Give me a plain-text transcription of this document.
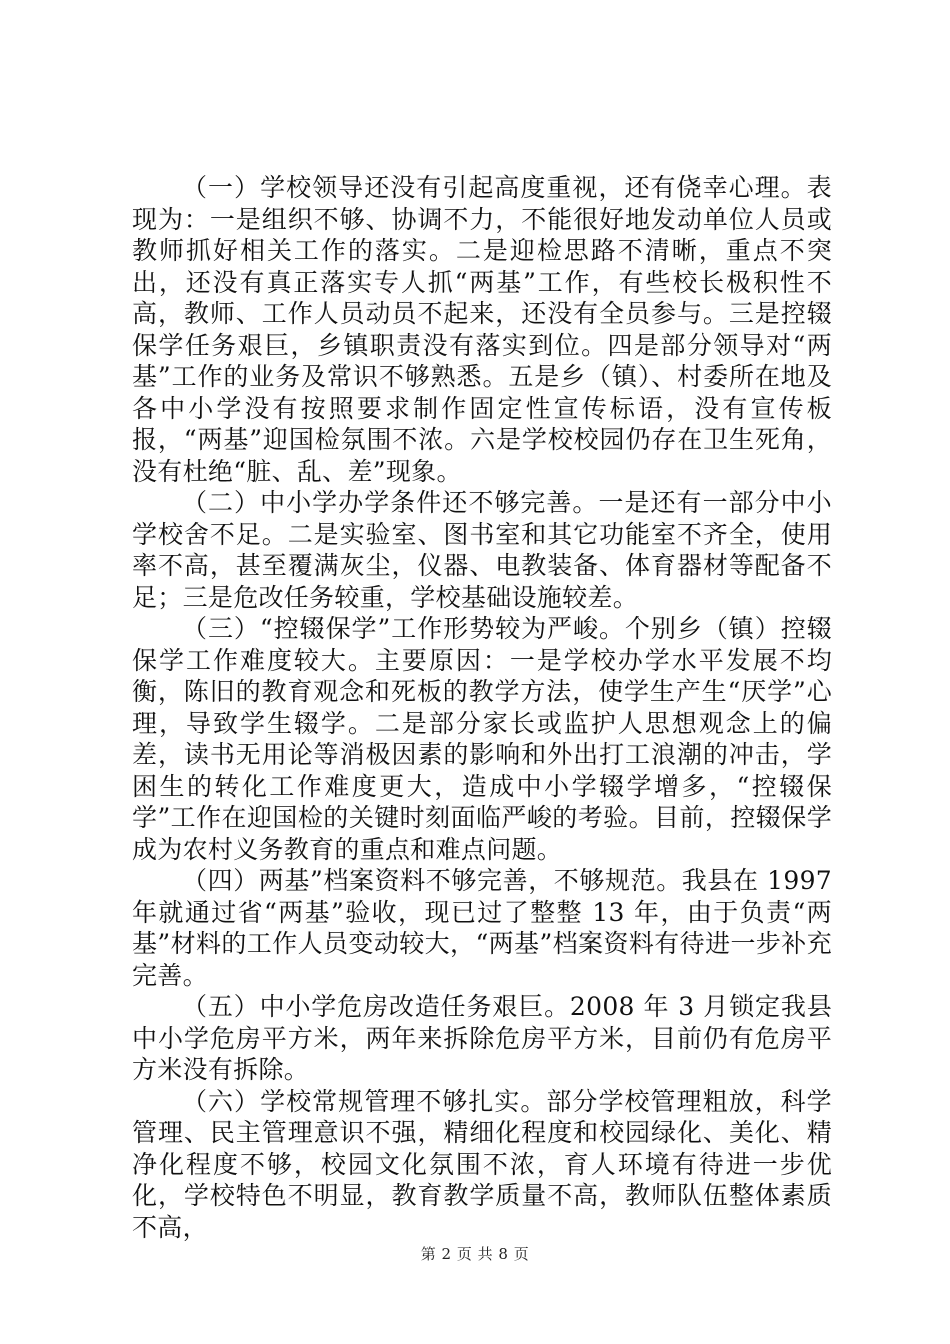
（一）学校领导还没有引起高度重视，还有侥幸心理。表现为：一是组织不够、协调不力，不能很好地发动单位人员或教师抓好相关工作的落实。二是迎检思路不清晰，重点不突出，还没有真正落实专人抓“两基”工作，有些校长极积性不高，教师、工作人员动员不起来，还没有全员参与。三是控辍保学任务艰巨，乡镇职责没有落实到位。四是部分领导对“两基”工作的业务及常识不够熟悉。五是乡（镇）、村委所在地及各中小学没有按照要求制作固定性宣传标语，没有宣传板报，“两基”迎国检氛围不浓。六是学校校园仍存在卫生死角，没有杜绝“脏、乱、差”现象。

（二）中小学办学条件还不够完善。一是还有一部分中小学校舍不足。二是实验室、图书室和其它功能室不齐全，使用率不高，甚至覆满灰尘，仪器、电教装备、体育器材等配备不足；三是危改任务较重，学校基础设施较差。

（三）“控辍保学”工作形势较为严峻。个别乡（镇）控辍保学工作难度较大。主要原因：一是学校办学水平发展不均衡，陈旧的教育观念和死板的教学方法，使学生产生“厌学”心理，导致学生辍学。二是部分家长或监护人思想观念上的偏差，读书无用论等消极因素的影响和外出打工浪潮的冲击，学困生的转化工作难度更大，造成中小学辍学增多，“控辍保学”工作在迎国检的关键时刻面临严峻的考验。目前，控辍保学成为农村义务教育的重点和难点问题。

（四）两基”档案资料不够完善，不够规范。我县在 1997 年就通过省“两基”验收，现已过了整整 13 年，由于负责“两基”材料的工作人员变动较大，“两基”档案资料有待进一步补充完善。

（五）中小学危房改造任务艰巨。2008 年 3 月锁定我县中小学危房平方米，两年来拆除危房平方米，目前仍有危房平方米没有拆除。

（六）学校常规管理不够扎实。部分学校管理粗放，科学管理、民主管理意识不强，精细化程度和校园绿化、美化、精净化程度不够，校园文化氛围不浓，育人环境有待进一步优化，学校特色不明显，教育教学质量不高，教师队伍整体素质不高，

第 2 页 共 8 页
